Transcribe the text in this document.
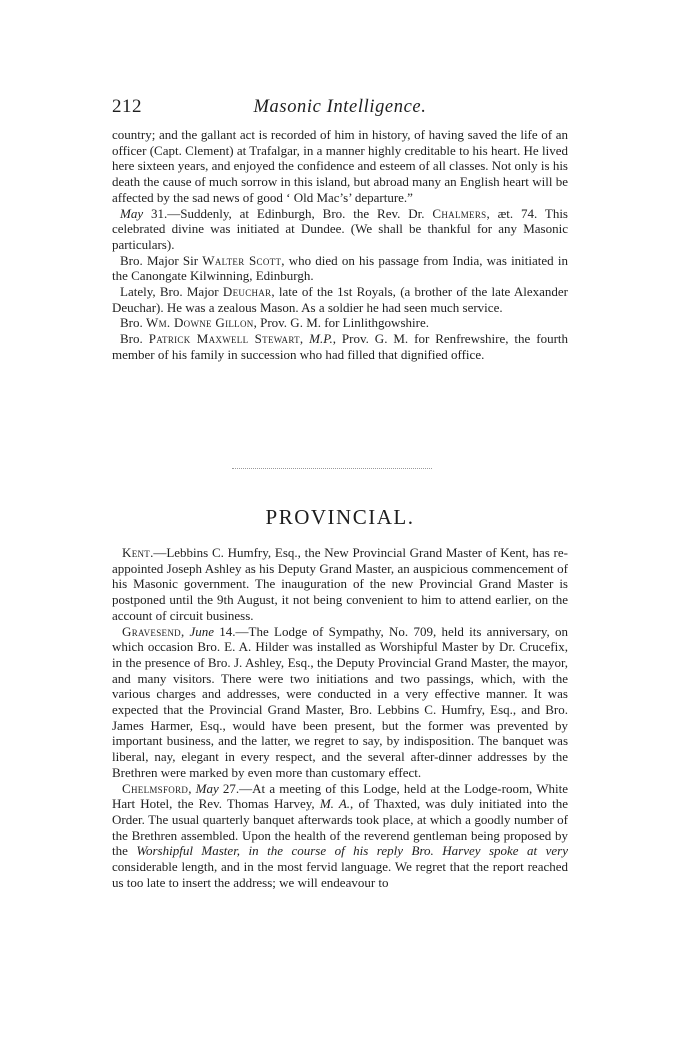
212	Masonic Intelligence.

country; and the gallant act is recorded of him in history, of having saved the life of an officer (Capt. Clement) at Trafalgar, in a manner highly creditable to his heart. He lived here sixteen years, and enjoyed the confidence and esteem of all classes. Not only is his death the cause of much sorrow in this island, but abroad many an English heart will be affected by the sad news of good ‘ Old Mac’s’ departure.”

May 31.—Suddenly, at Edinburgh, Bro. the Rev. Dr. Chalmers, æt. 74. This celebrated divine was initiated at Dundee. (We shall be thankful for any Masonic particulars).

Bro. Major Sir Walter Scott, who died on his passage from India, was initiated in the Canongate Kilwinning, Edinburgh.

Lately, Bro. Major Deuchar, late of the 1st Royals, (a brother of the late Alexander Deuchar). He was a zealous Mason. As a soldier he had seen much service.

Bro. Wm. Downe Gillon, Prov. G. M. for Linlithgowshire.

Bro. Patrick Maxwell Stewart, M.P., Prov. G. M. for Renfrewshire, the fourth member of his family in succession who had filled that dignified office.

PROVINCIAL.

Kent.—Lebbins C. Humfry, Esq., the New Provincial Grand Master of Kent, has re-appointed Joseph Ashley as his Deputy Grand Master, an auspicious commencement of his Masonic government. The inauguration of the new Provincial Grand Master is postponed until the 9th August, it not being convenient to him to attend earlier, on the account of circuit business.

Gravesend, June 14.—The Lodge of Sympathy, No. 709, held its anniversary, on which occasion Bro. E. A. Hilder was installed as Worshipful Master by Dr. Crucefix, in the presence of Bro. J. Ashley, Esq., the Deputy Provincial Grand Master, the mayor, and many visitors. There were two initiations and two passings, which, with the various charges and addresses, were conducted in a very effective manner. It was expected that the Provincial Grand Master, Bro. Lebbins C. Humfry, Esq., and Bro. James Harmer, Esq., would have been present, but the former was prevented by important business, and the latter, we regret to say, by indisposition. The banquet was liberal, nay, elegant in every respect, and the several after-dinner addresses by the Brethren were marked by even more than customary effect.

Chelmsford, May 27.—At a meeting of this Lodge, held at the Lodge-room, White Hart Hotel, the Rev. Thomas Harvey, M. A., of Thaxted, was duly initiated into the Order. The usual quarterly banquet afterwards took place, at which a goodly number of the Brethren assembled. Upon the health of the reverend gentleman being proposed by the Worshipful Master, in the course of his reply Bro. Harvey spoke at very considerable length, and in the most fervid language. We regret that the report reached us too late to insert the address; we will endeavour to
